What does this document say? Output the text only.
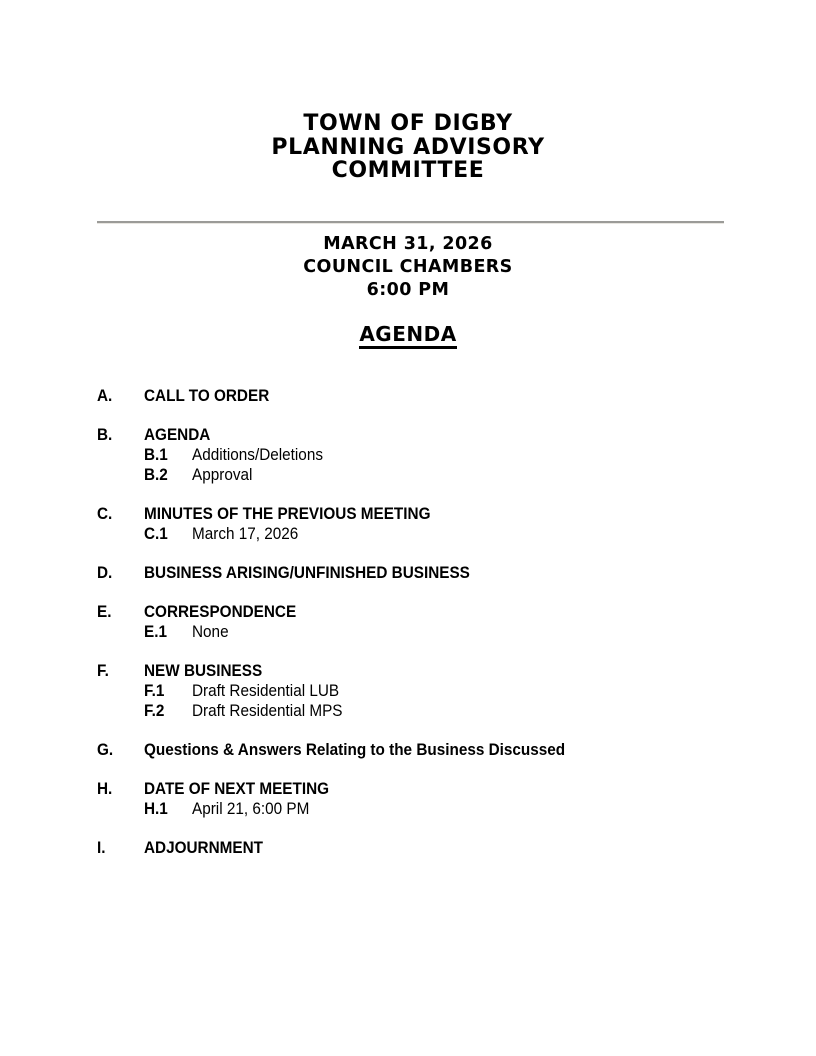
TOWN OF DIGBY
PLANNING ADVISORY
COMMITTEE
MARCH 31, 2026
COUNCIL CHAMBERS
6:00 PM
AGENDA
A.	CALL TO ORDER
B.	AGENDA
B.1	Additions/Deletions
B.2	Approval
C.	MINUTES OF THE PREVIOUS MEETING
C.1	March 17, 2026
D.	BUSINESS ARISING/UNFINISHED BUSINESS
E.	CORRESPONDENCE
E.1	None
F.	NEW BUSINESS
F.1	Draft Residential LUB
F.2	Draft Residential MPS
G.	Questions & Answers Relating to the Business Discussed
H.	DATE OF NEXT MEETING
H.1	April 21, 6:00 PM
I.	ADJOURNMENT
